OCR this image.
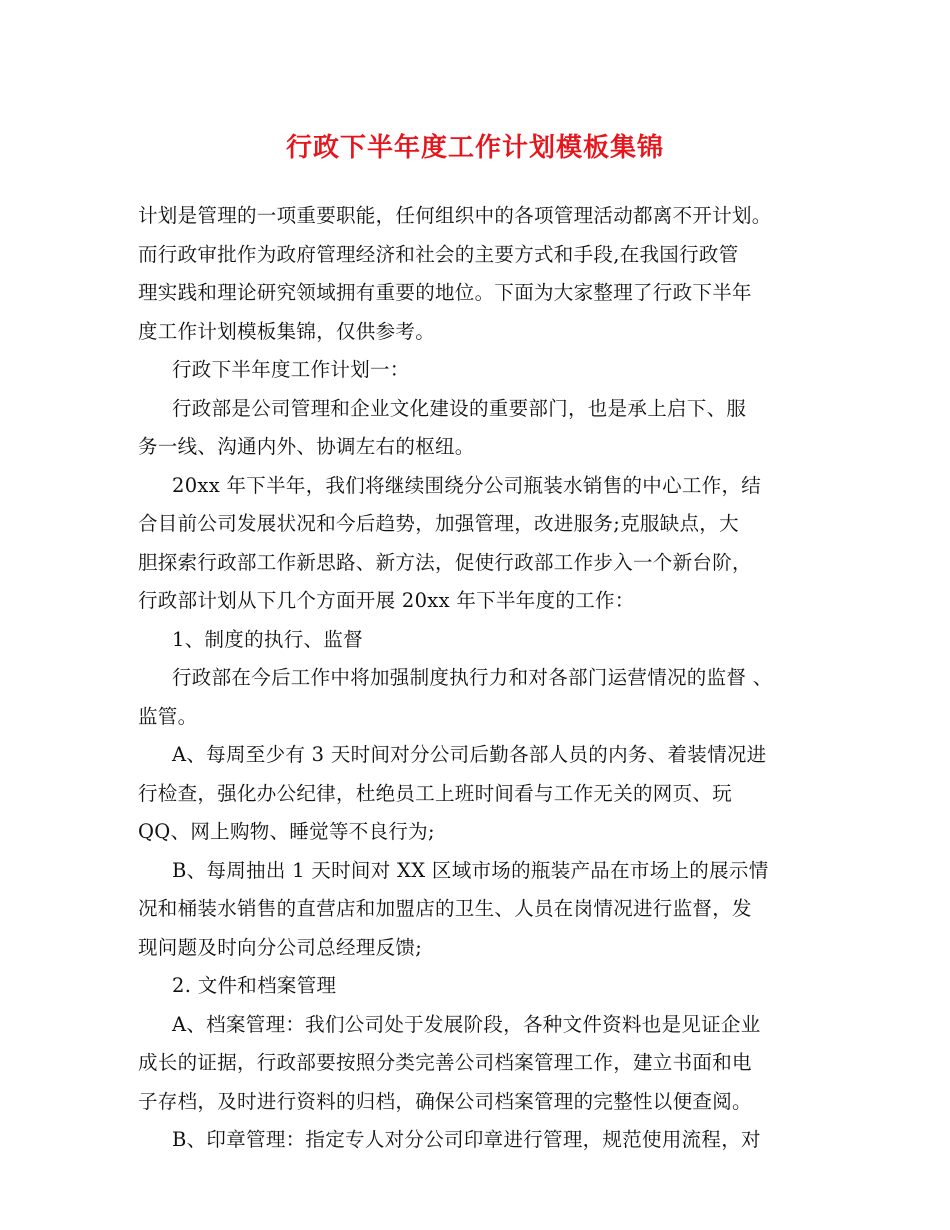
行政下半年度工作计划模板集锦
计划是管理的一项重要职能，任何组织中的各项管理活动都离不开计划。
而行政审批作为政府管理经济和社会的主要方式和手段,在我国行政管
理实践和理论研究领域拥有重要的地位。下面为大家整理了行政下半年
度工作计划模板集锦，仅供参考。
行政下半年度工作计划一：
行政部是公司管理和企业文化建设的重要部门，也是承上启下、服
务一线、沟通内外、协调左右的枢纽。
20xx 年下半年，我们将继续围绕分公司瓶装水销售的中心工作，结
合目前公司发展状况和今后趋势，加强管理，改进服务;克服缺点，大
胆探索行政部工作新思路、新方法，促使行政部工作步入一个新台阶，
行政部计划从下几个方面开展 20xx 年下半年度的工作：
1、制度的执行、监督
行政部在今后工作中将加强制度执行力和对各部门运营情况的监督 、
监管。
A、每周至少有 3 天时间对分公司后勤各部人员的内务、着装情况进
行检查，强化办公纪律，杜绝员工上班时间看与工作无关的网页、玩
QQ、网上购物、睡觉等不良行为;
B、每周抽出 1 天时间对 XX 区域市场的瓶装产品在市场上的展示情
况和桶装水销售的直营店和加盟店的卫生、人员在岗情况进行监督，发
现问题及时向分公司总经理反馈;
2. 文件和档案管理
A、档案管理：我们公司处于发展阶段，各种文件资料也是见证企业
成长的证据，行政部要按照分类完善公司档案管理工作，建立书面和电
子存档，及时进行资料的归档，确保公司档案管理的完整性以便查阅。
B、印章管理：指定专人对分公司印章进行管理，规范使用流程，对
